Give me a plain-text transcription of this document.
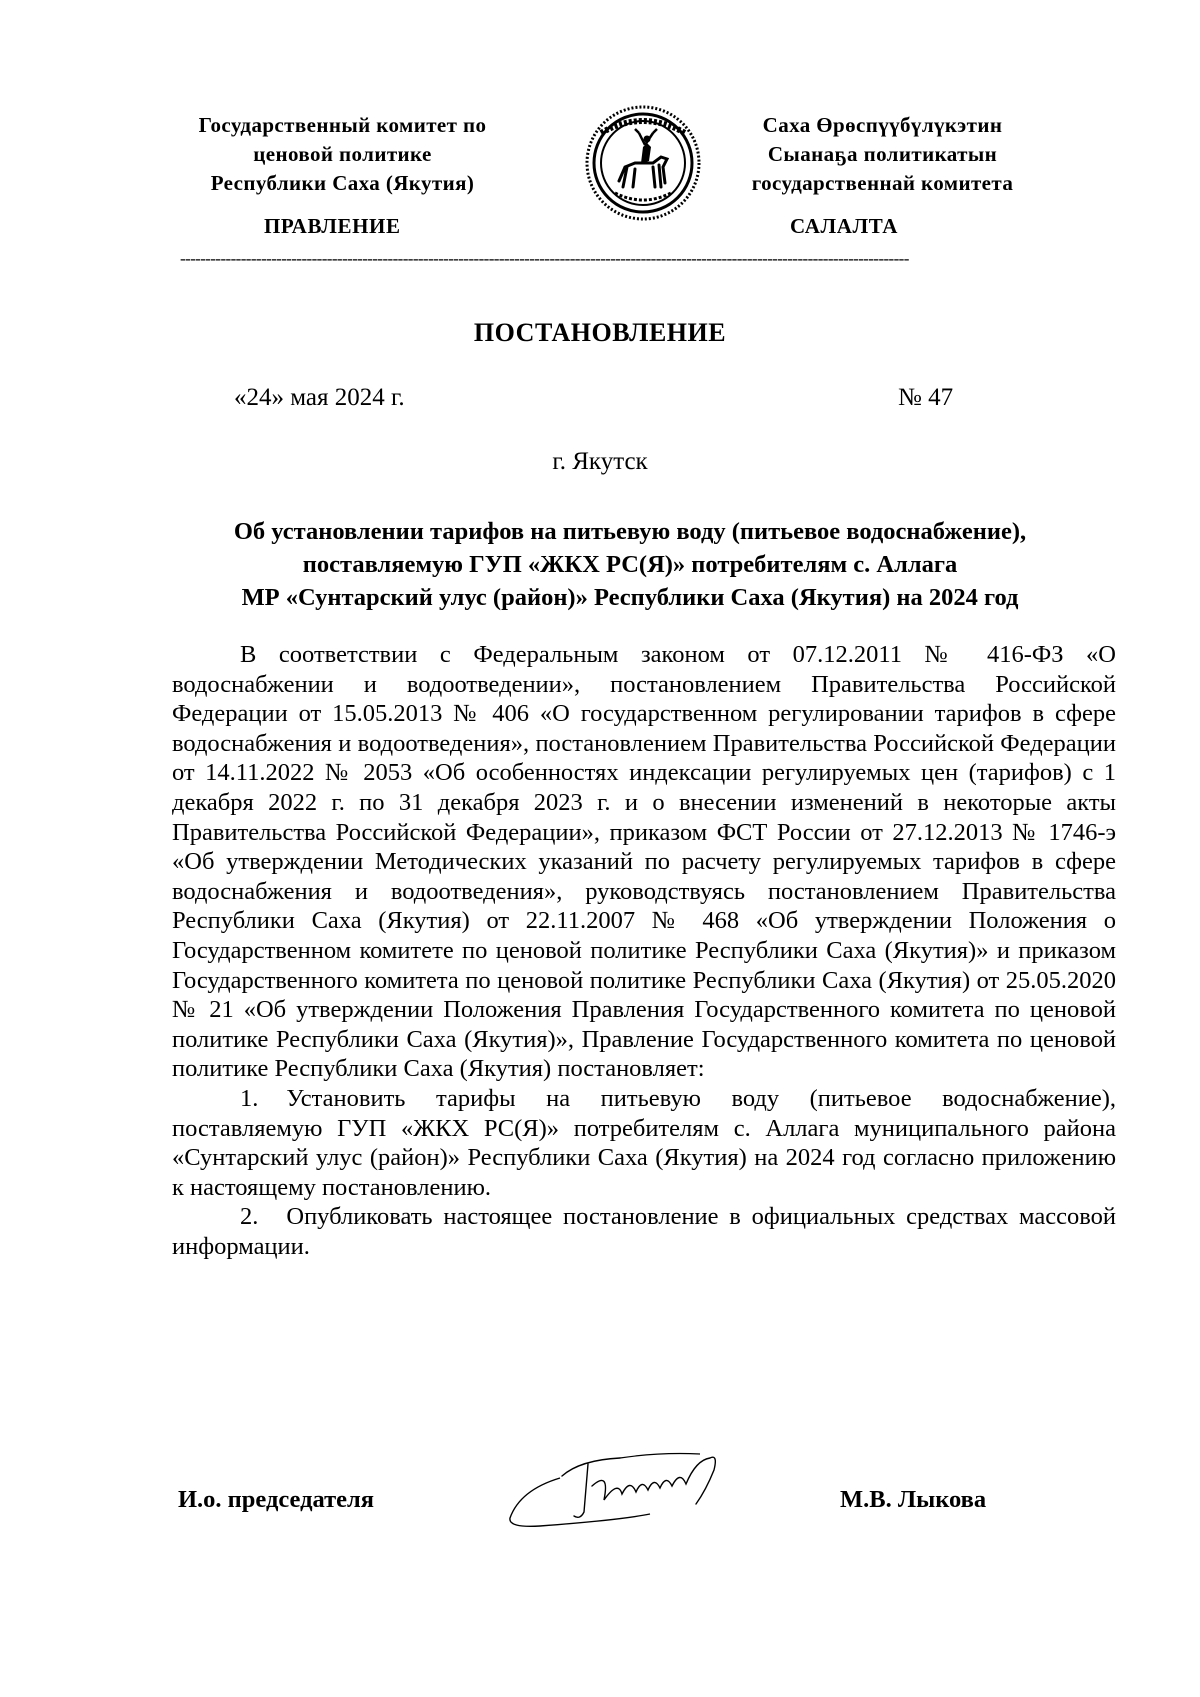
Государственный комитет по
ценовой политике
Республики Саха (Якутия)
Саха Өрөспүүбүлүкэтин
Сыанаҕа политикатын
государственнай комитета
ПРАВЛЕНИЕ	САЛАЛТА
------------------------------------------------------------------------------------------------------------------------------------------------
ПОСТАНОВЛЕНИЕ
«24» мая 2024 г.	№ 47
г. Якутск
Об установлении тарифов на питьевую воду (питьевое водоснабжение),
поставляемую ГУП «ЖКХ РС(Я)» потребителям с. Аллага
МР «Сунтарский улус (район)» Республики Саха (Якутия) на 2024 год

В соответствии с Федеральным законом от 07.12.2011 № 416-ФЗ «О водоснабжении и водоотведении», постановлением Правительства Российской Федерации от 15.05.2013 № 406 «О государственном регулировании тарифов в сфере водоснабжения и водоотведения», постановлением Правительства Российской Федерации от 14.11.2022 № 2053 «Об особенностях индексации регулируемых цен (тарифов) с 1 декабря 2022 г. по 31 декабря 2023 г. и о внесении изменений в некоторые акты Правительства Российской Федерации», приказом ФСТ России от 27.12.2013 № 1746-э «Об утверждении Методических указаний по расчету регулируемых тарифов в сфере водоснабжения и водоотведения», руководствуясь постановлением Правительства Республики Саха (Якутия) от 22.11.2007 № 468 «Об утверждении Положения о Государственном комитете по ценовой политике Республики Саха (Якутия)» и приказом Государственного комитета по ценовой политике Республики Саха (Якутия) от 25.05.2020 № 21 «Об утверждении Положения Правления Государственного комитета по ценовой политике Республики Саха (Якутия)», Правление Государственного комитета по ценовой политике Республики Саха (Якутия) постановляет:

1. Установить тарифы на питьевую воду (питьевое водоснабжение), поставляемую ГУП «ЖКХ РС(Я)» потребителям с. Аллага муниципального района «Сунтарский улус (район)» Республики Саха (Якутия) на 2024 год согласно приложению к настоящему постановлению.

2. Опубликовать настоящее постановление в официальных средствах массовой информации.

И.о. председателя	М.В. Лыкова
